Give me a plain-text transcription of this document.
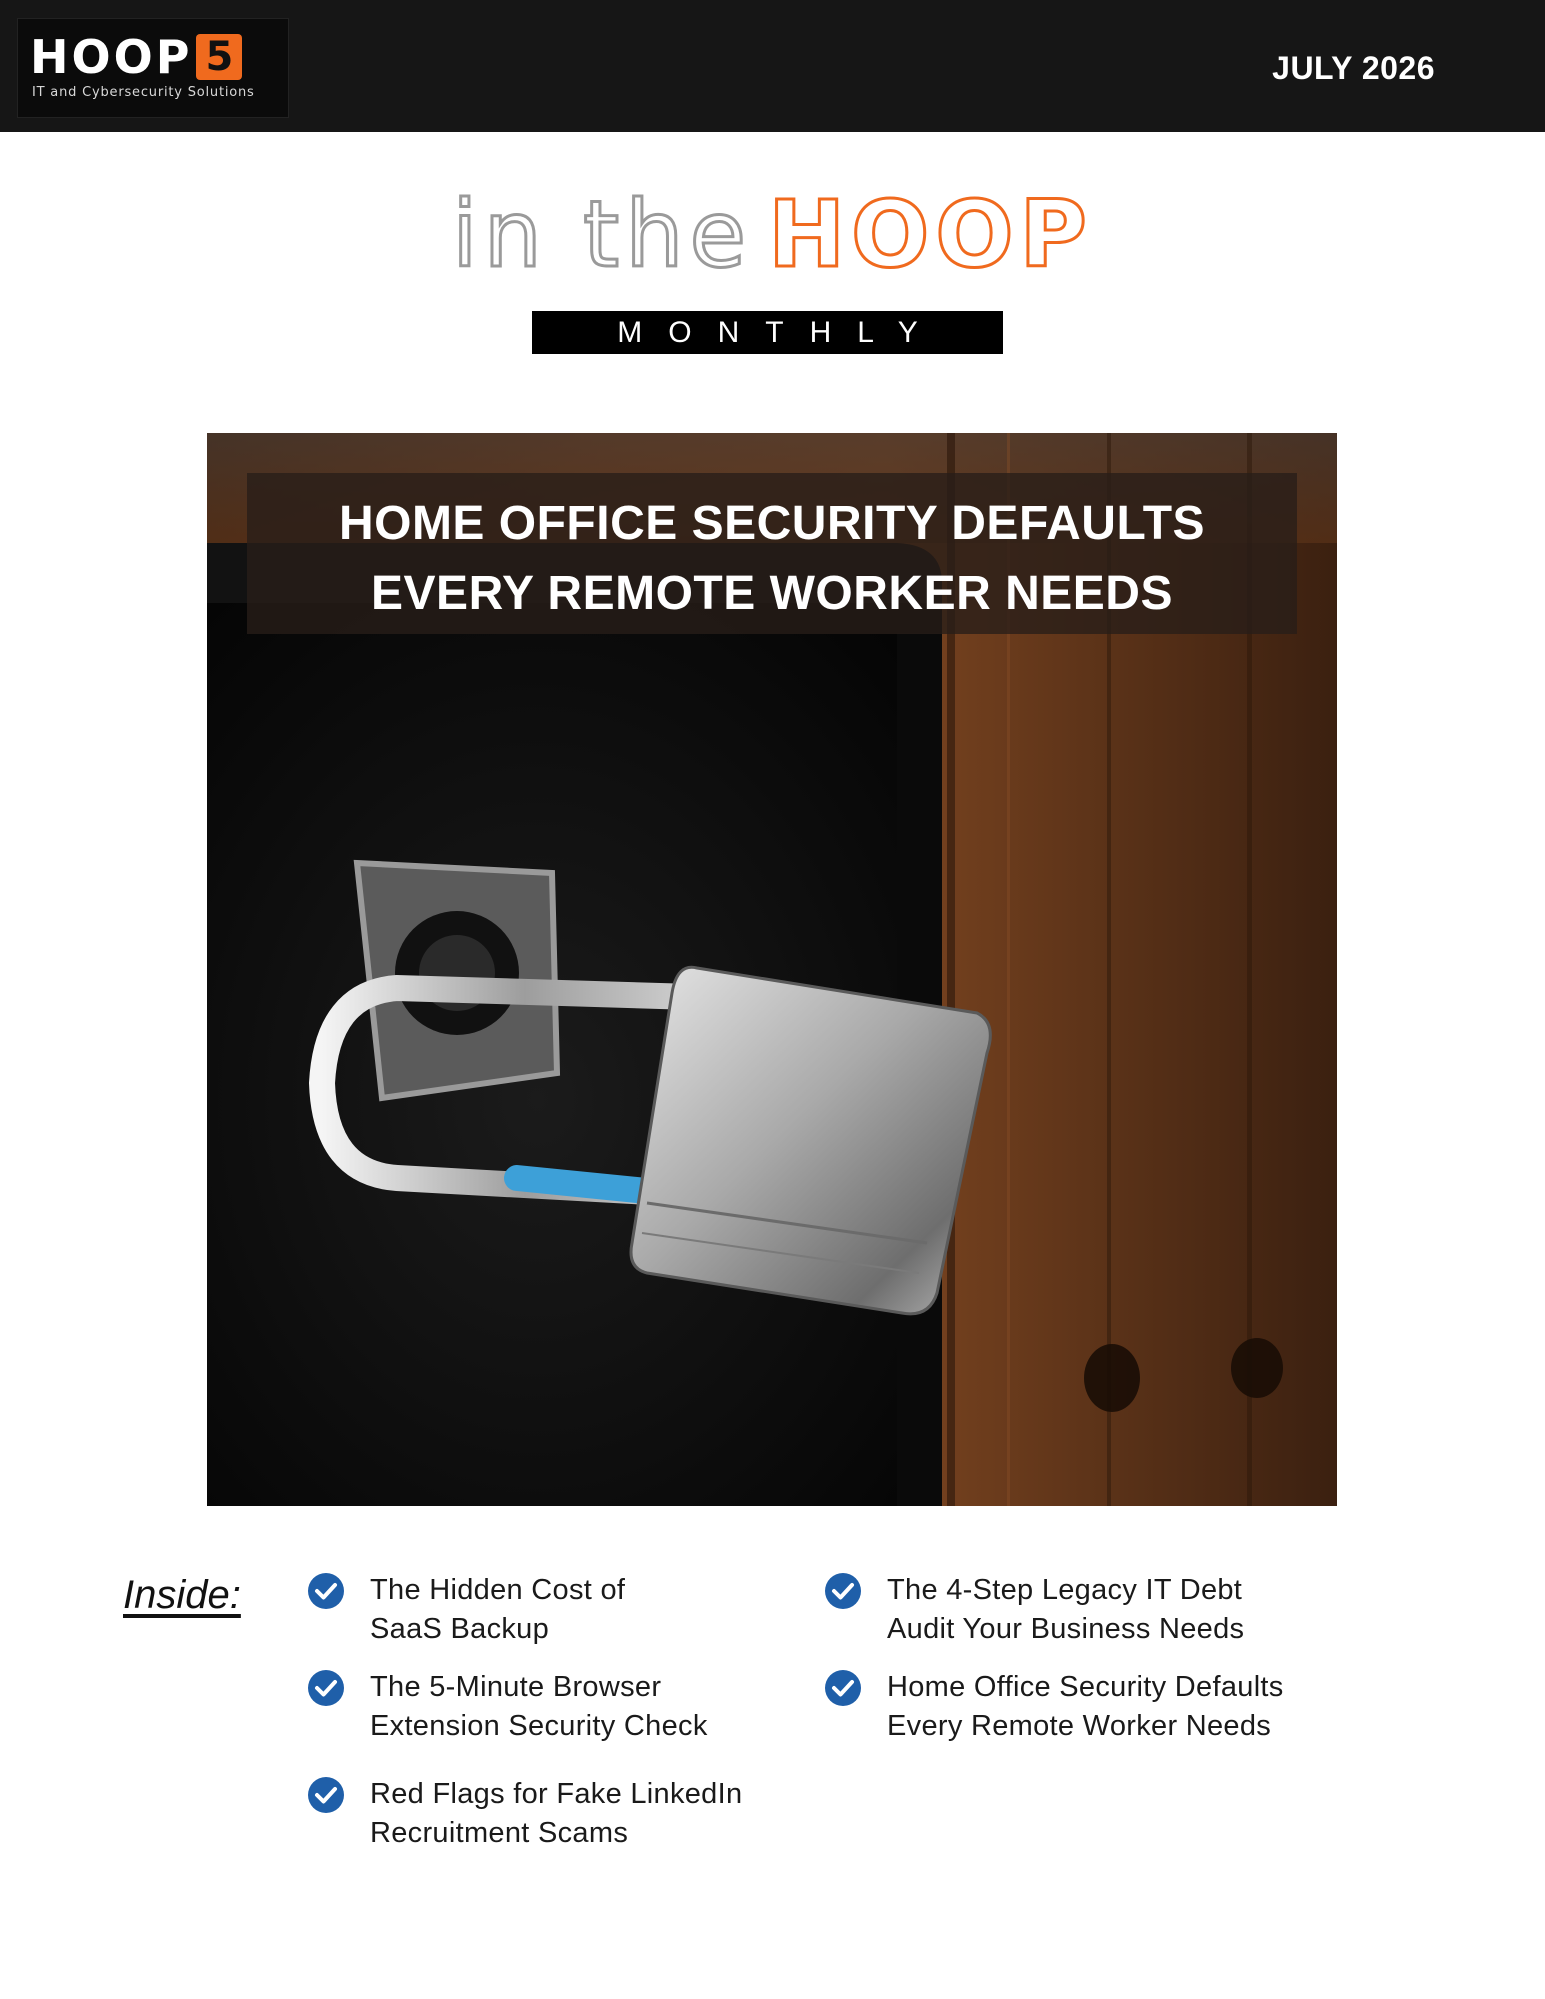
HOOP 5
IT and Cybersecurity Solutions
JULY 2026
in the HOOP
MONTHLY
HOME OFFICE SECURITY DEFAULTS
EVERY REMOTE WORKER NEEDS
Inside:	The Hidden Cost of
SaaS Backup
The 5-Minute Browser
Extension Security Check
Red Flags for Fake LinkedIn
Recruitment Scams
The 4-Step Legacy IT Debt
Audit Your Business Needs
Home Office Security Defaults
Every Remote Worker Needs
